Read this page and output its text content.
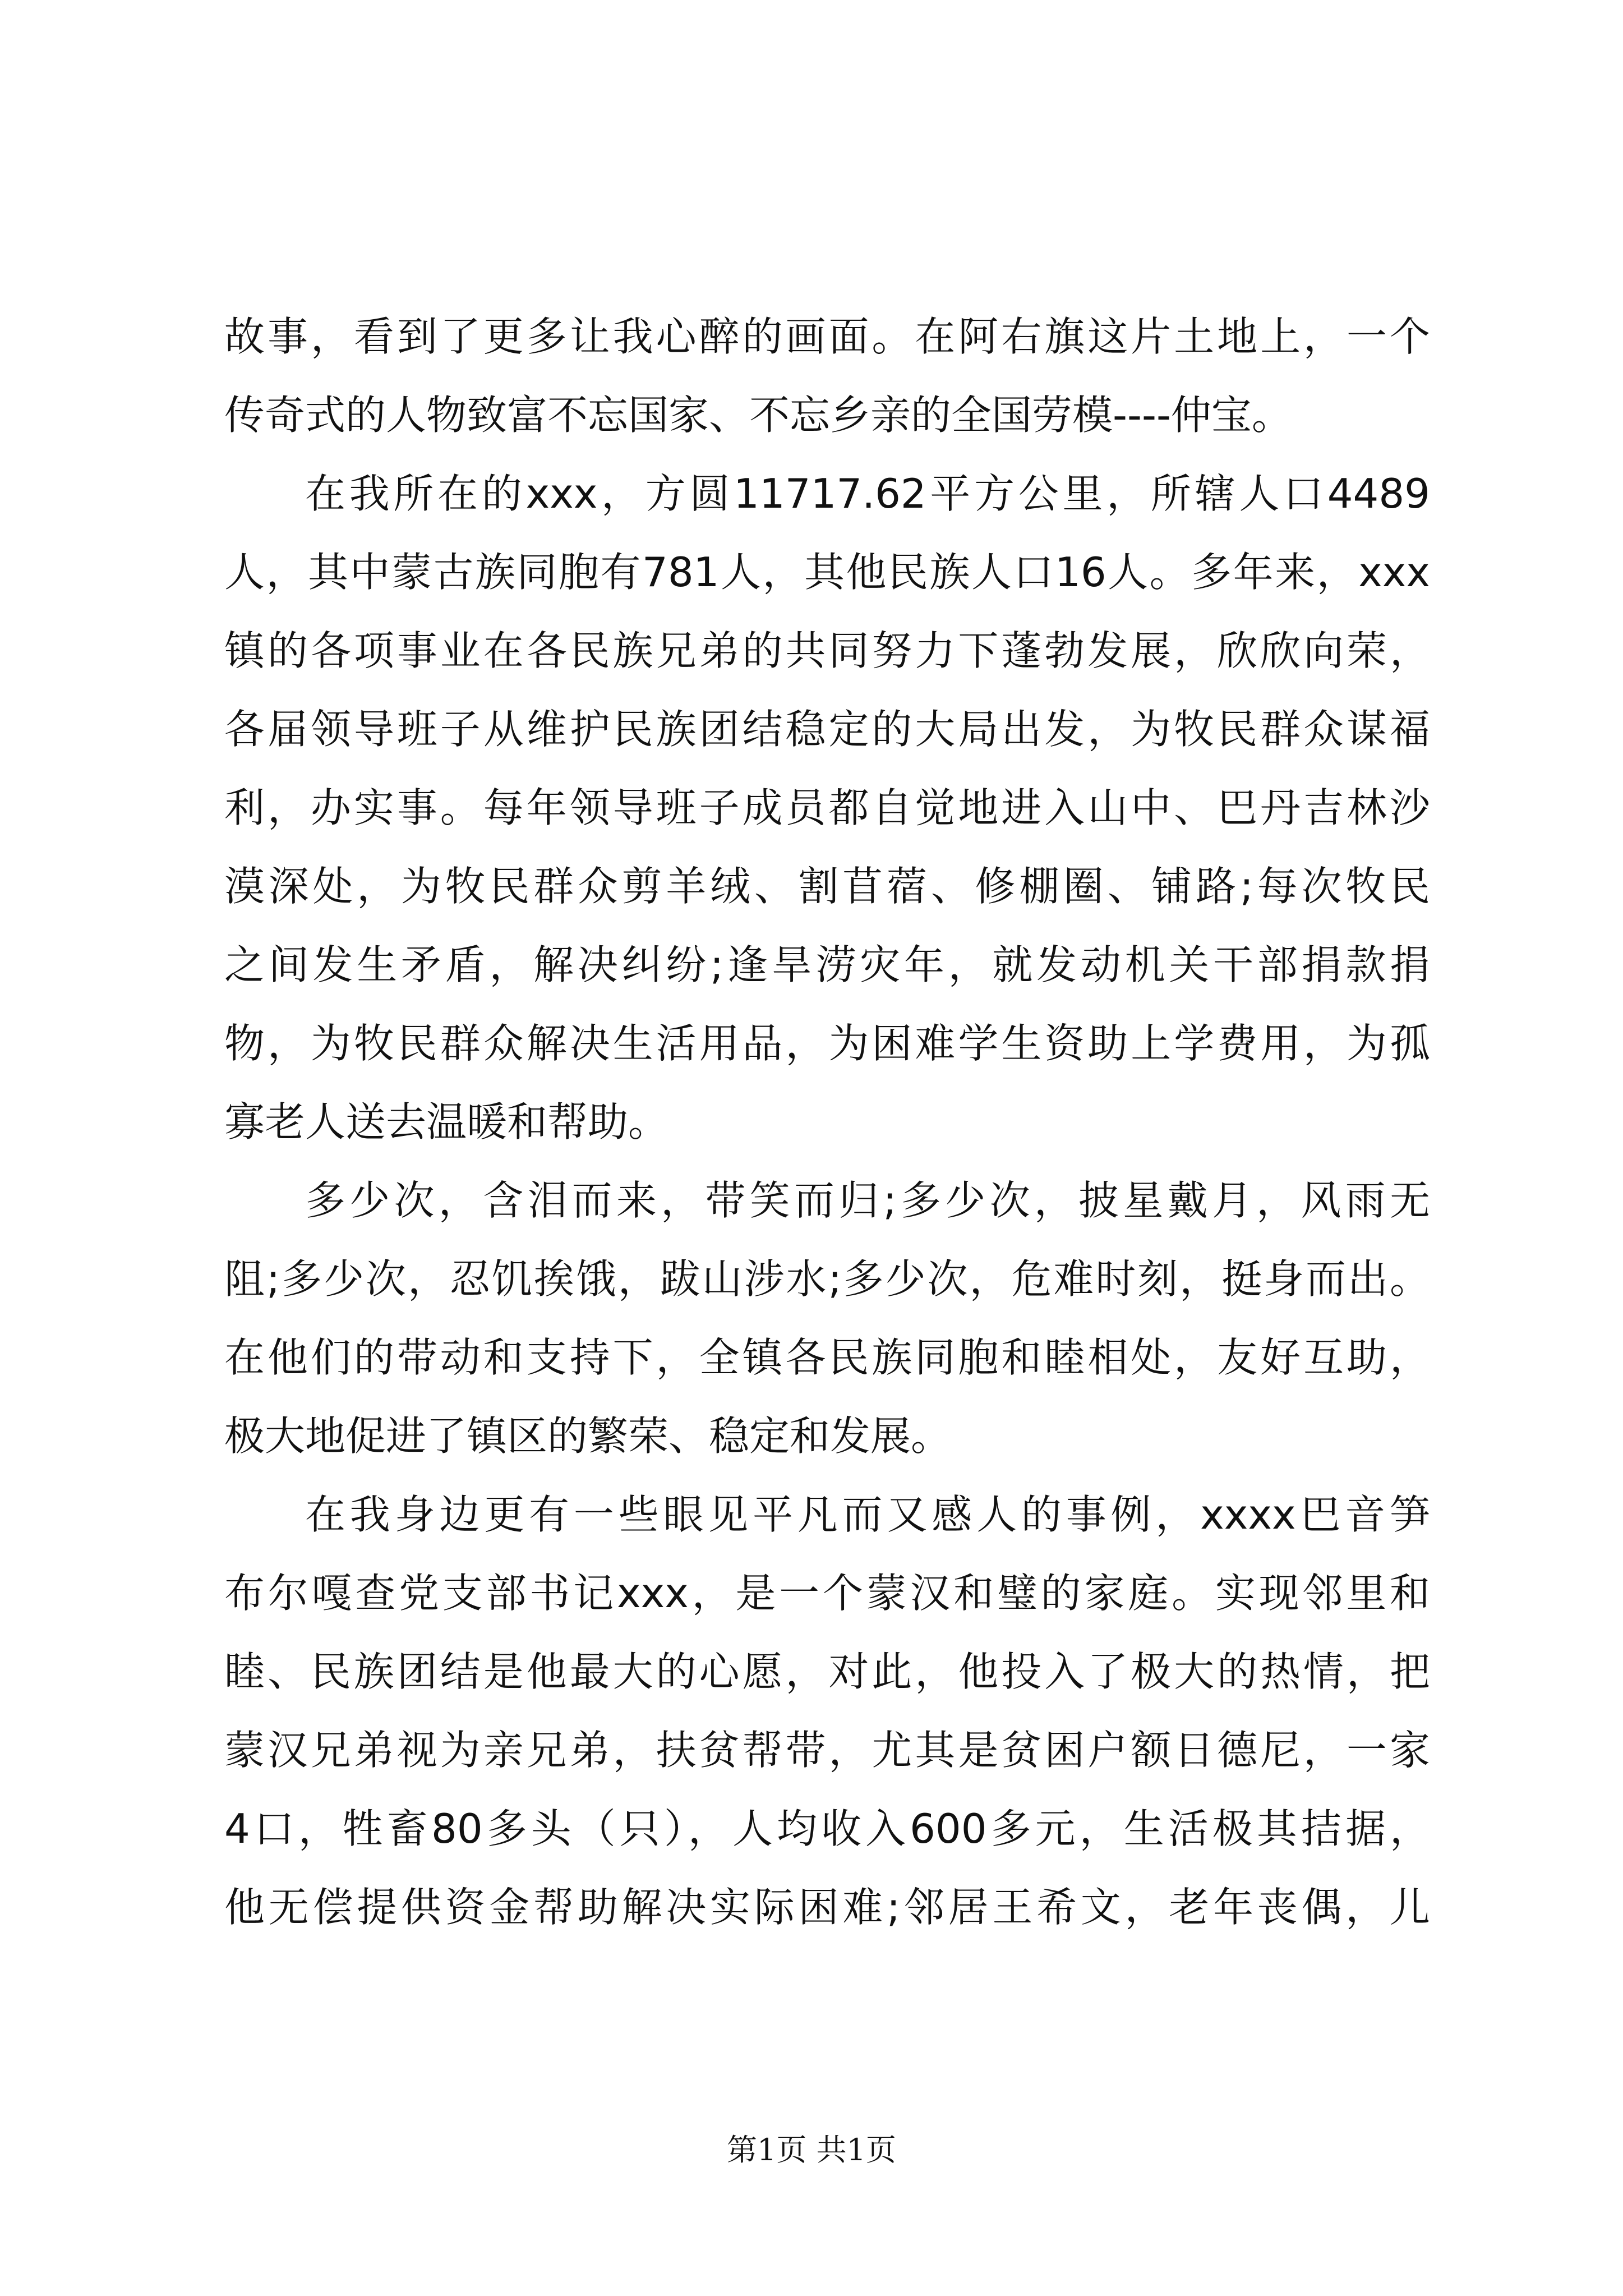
故事，看到了更多让我心醉的画面。在阿右旗这片土地上，一个
传奇式的人物致富不忘国家、不忘乡亲的全国劳模----仲宝。
在我所在的xxx，方圆11717.62平方公里，所辖人口4489
人，其中蒙古族同胞有781人，其他民族人口16人。多年来，xxx
镇的各项事业在各民族兄弟的共同努力下蓬勃发展，欣欣向荣，
各届领导班子从维护民族团结稳定的大局出发，为牧民群众谋福
利，办实事。每年领导班子成员都自觉地进入山中、巴丹吉林沙
漠深处，为牧民群众剪羊绒、割苜蓿、修棚圈、铺路;每次牧民
之间发生矛盾，解决纠纷;逢旱涝灾年，就发动机关干部捐款捐
物，为牧民群众解决生活用品，为困难学生资助上学费用，为孤
寡老人送去温暖和帮助。
多少次，含泪而来，带笑而归;多少次，披星戴月，风雨无
阻;多少次，忍饥挨饿，跋山涉水;多少次，危难时刻，挺身而出。
在他们的带动和支持下，全镇各民族同胞和睦相处，友好互助，
极大地促进了镇区的繁荣、稳定和发展。
在我身边更有一些眼见平凡而又感人的事例，xxxx巴音笋
布尔嘎查党支部书记xxx，是一个蒙汉和璧的家庭。实现邻里和
睦、民族团结是他最大的心愿，对此，他投入了极大的热情，把
蒙汉兄弟视为亲兄弟，扶贫帮带，尤其是贫困户额日德尼，一家
4口，牲畜80多头（只），人均收入600多元，生活极其拮据，
他无偿提供资金帮助解决实际困难;邻居王希文，老年丧偶，儿
第1页 共1页
